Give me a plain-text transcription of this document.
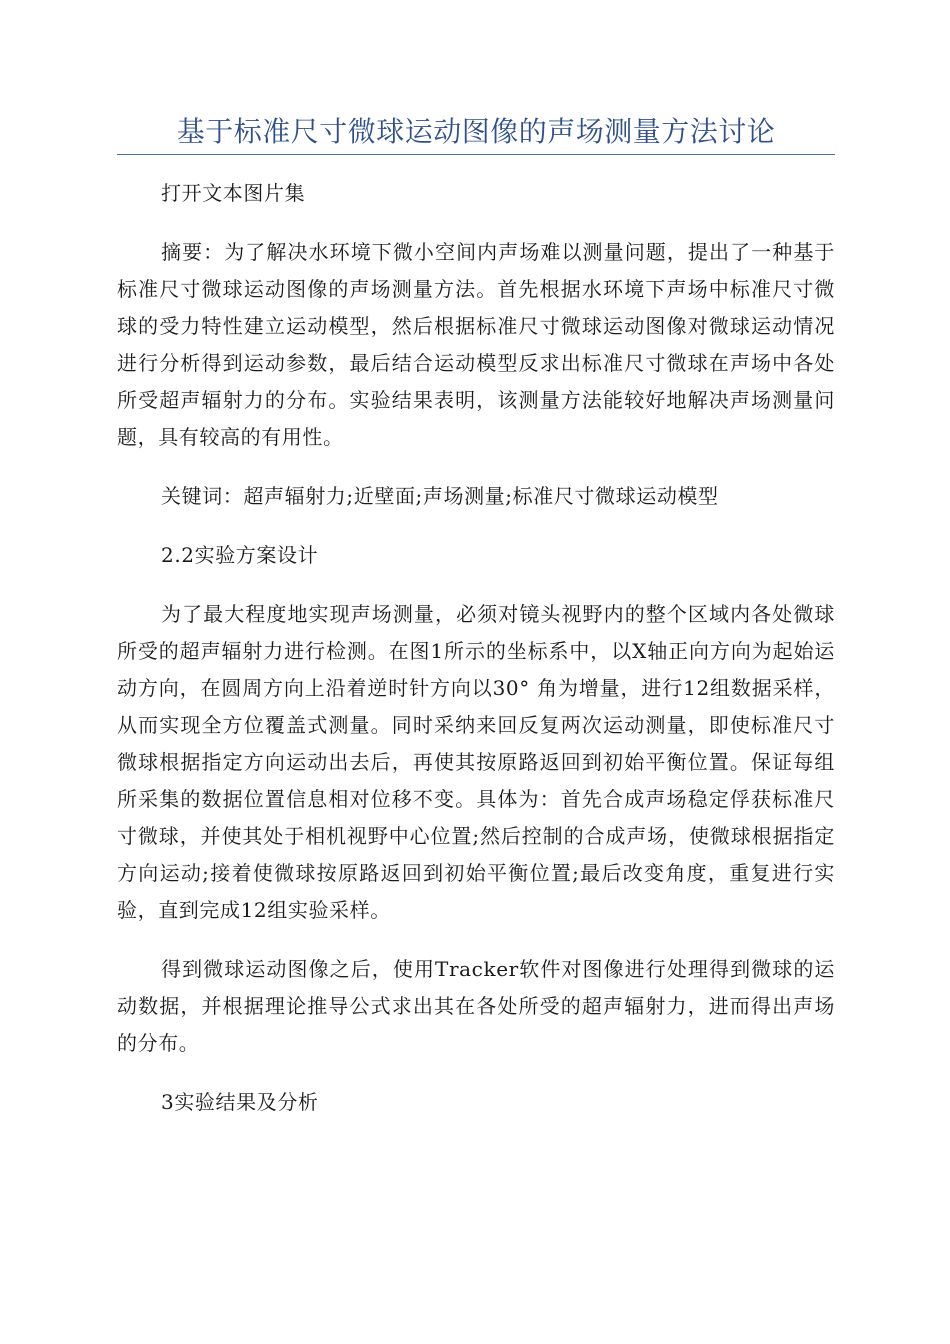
基于标准尺寸微球运动图像的声场测量方法讨论

打开文本图片集

摘要：为了解决水环境下微小空间内声场难以测量问题，提出了一种基于标准尺寸微球运动图像的声场测量方法。首先根据水环境下声场中标准尺寸微球的受力特性建立运动模型，然后根据标准尺寸微球运动图像对微球运动情况进行分析得到运动参数，最后结合运动模型反求出标准尺寸微球在声场中各处所受超声辐射力的分布。实验结果表明，该测量方法能较好地解决声场测量问题，具有较高的有用性。

关键词：超声辐射力;近壁面;声场测量;标准尺寸微球运动模型

2.2实验方案设计

为了最大程度地实现声场测量，必须对镜头视野内的整个区域内各处微球所受的超声辐射力进行检测。在图1所示的坐标系中，以X轴正向方向为起始运动方向，在圆周方向上沿着逆时针方向以30° 角为增量，进行12组数据采样，从而实现全方位覆盖式测量。同时采纳来回反复两次运动测量，即使标准尺寸微球根据指定方向运动出去后，再使其按原路返回到初始平衡位置。保证每组所采集的数据位置信息相对位移不变。具体为：首先合成声场稳定俘获标准尺寸微球，并使其处于相机视野中心位置;然后控制的合成声场，使微球根据指定方向运动;接着使微球按原路返回到初始平衡位置;最后改变角度，重复进行实验，直到完成12组实验采样。

得到微球运动图像之后，使用Tracker软件对图像进行处理得到微球的运动数据，并根据理论推导公式求出其在各处所受的超声辐射力，进而得出声场的分布。

3实验结果及分析
